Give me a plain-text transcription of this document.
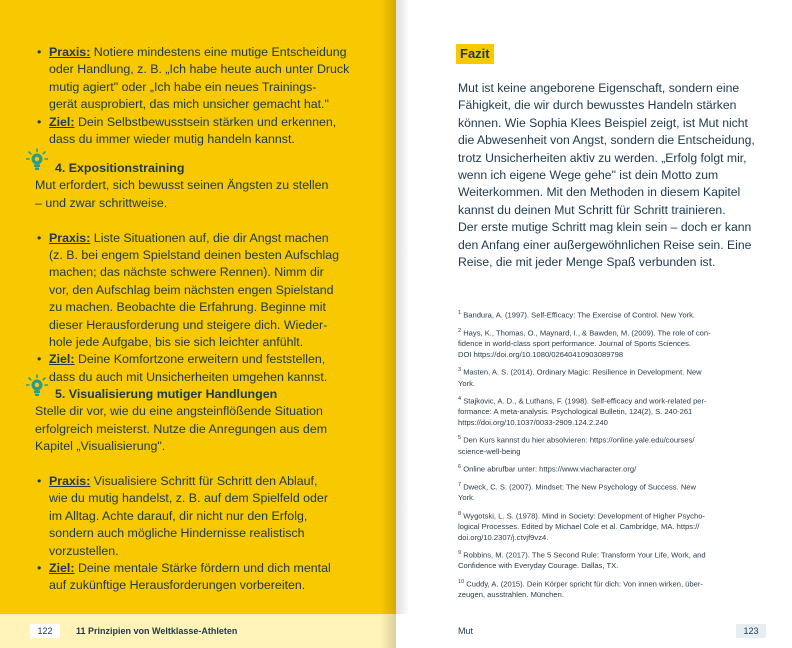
• Praxis: Notiere mindestens eine mutige Entscheidung
oder Handlung, z. B. „Ich habe heute auch unter Druck
mutig agiert" oder „Ich habe ein neues Trainings-
gerät ausprobiert, das mich unsicher gemacht hat."
• Ziel: Dein Selbstbewusstsein stärken und erkennen,
dass du immer wieder mutig handeln kannst.
4. Expositionstraining
Mut erfordert, sich bewusst seinen Ängsten zu stellen
– und zwar schrittweise.
• Praxis: Liste Situationen auf, die dir Angst machen
(z. B. bei engem Spielstand deinen besten Aufschlag
machen; das nächste schwere Rennen). Nimm dir
vor, den Aufschlag beim nächsten engen Spielstand
zu machen. Beobachte die Erfahrung. Beginne mit
dieser Herausforderung und steigere dich. Wieder-
hole jede Aufgabe, bis sie sich leichter anfühlt.
• Ziel: Deine Komfortzone erweitern und feststellen,
dass du auch mit Unsicherheiten umgehen kannst.
5. Visualisierung mutiger Handlungen
Stelle dir vor, wie du eine angsteinflößende Situation
erfolgreich meisterst. Nutze die Anregungen aus dem
Kapitel „Visualisierung".
• Praxis: Visualisiere Schritt für Schritt den Ablauf,
wie du mutig handelst, z. B. auf dem Spielfeld oder
im Alltag. Achte darauf, dir nicht nur den Erfolg,
sondern auch mögliche Hindernisse realistisch
vorzustellen.
• Ziel: Deine mentale Stärke fördern und dich mental
auf zukünftige Herausforderungen vorbereiten.
122	11 Prinzipien von Weltklasse-Athleten
Fazit
Mut ist keine angeborene Eigenschaft, sondern eine
Fähigkeit, die wir durch bewusstes Handeln stärken
können. Wie Sophia Klees Beispiel zeigt, ist Mut nicht
die Abwesenheit von Angst, sondern die Entscheidung,
trotz Unsicherheiten aktiv zu werden. „Erfolg folgt mir,
wenn ich eigene Wege gehe" ist dein Motto zum
Weiterkommen. Mit den Methoden in diesem Kapitel
kannst du deinen Mut Schritt für Schritt trainieren.
Der erste mutige Schritt mag klein sein – doch er kann
den Anfang einer außergewöhnlichen Reise sein. Eine
Reise, die mit jeder Menge Spaß verbunden ist.
$^1$ Bandura, A. (1997). Self-Efficacy: The Exercise of Control. New York.
$^2$ Hays, K., Thomas, O., Maynard, I., & Bawden, M. (2009). The role of con-
fidence in world-class sport performance. Journal of Sports Sciences.
DOI https://doi.org/10.1080/02640410903089798
$^3$ Masten, A. S. (2014). Ordinary Magic: Resilience in Development. New
York.
$^4$ Stajkovic, A. D., & Luthans, F. (1998). Self-efficacy and work-related per-
formance: A meta-analysis. Psychological Bulletin, 124(2), S. 240-261
https://doi.org/10.1037/0033-2909.124.2.240
$^5$ Den Kurs kannst du hier absolvieren: https://online.yale.edu/courses/
science-well-being
$^6$ Online abrufbar unter: https://www.viacharacter.org/
$^7$ Dweck, C. S. (2007). Mindset: The New Psychology of Success. New
York.
$^8$ Wygotski, L. S. (1978). Mind in Society: Development of Higher Psycho-
logical Processes. Edited by Michael Cole et al. Cambridge, MA. https://
doi.org/10.2307/j.ctvjf9vz4.
$^9$ Robbins, M. (2017). The 5 Second Rule: Transform Your Life, Work, and
Confidence with Everyday Courage. Dallas, TX.
$^{10}$ Cuddy, A. (2015). Dein Körper spricht für dich: Von innen wirken, über-
zeugen, ausstrahlen. München.
Mut	123
